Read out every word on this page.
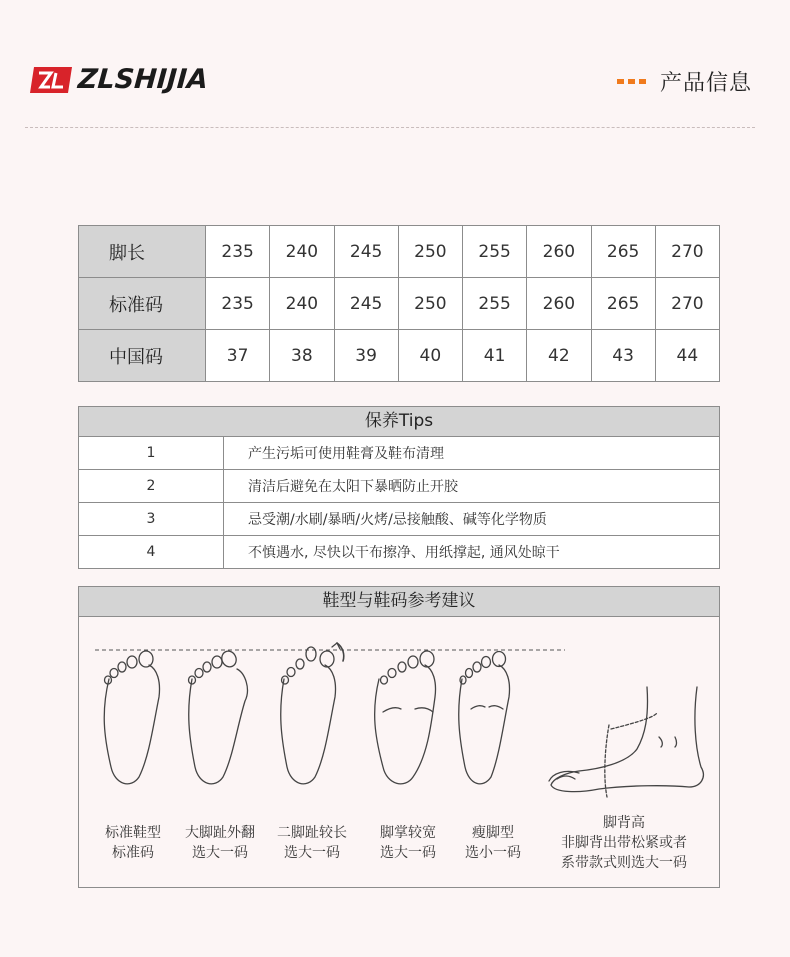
ZLSHIJIA	产品信息
脚长	235	240	245	250	255	260	265	270
标准码	235	240	245	250	255	260	265	270
中国码	37	38	39	40	41	42	43	44
保养Tips
1	产生污垢可使用鞋膏及鞋布清理
2	清洁后避免在太阳下暴晒防止开胶
3	忌受潮/水刷/暴晒/火烤/忌接触酸、碱等化学物质
4	不慎遇水, 尽快以干布擦净、用纸撑起, 通风处晾干
鞋型与鞋码参考建议
标准鞋型
标准码
大脚趾外翻
选大一码
二脚趾较长
选大一码
脚掌较宽
选大一码
瘦脚型
选小一码
脚背高
非脚背出带松紧或者
系带款式则选大一码
